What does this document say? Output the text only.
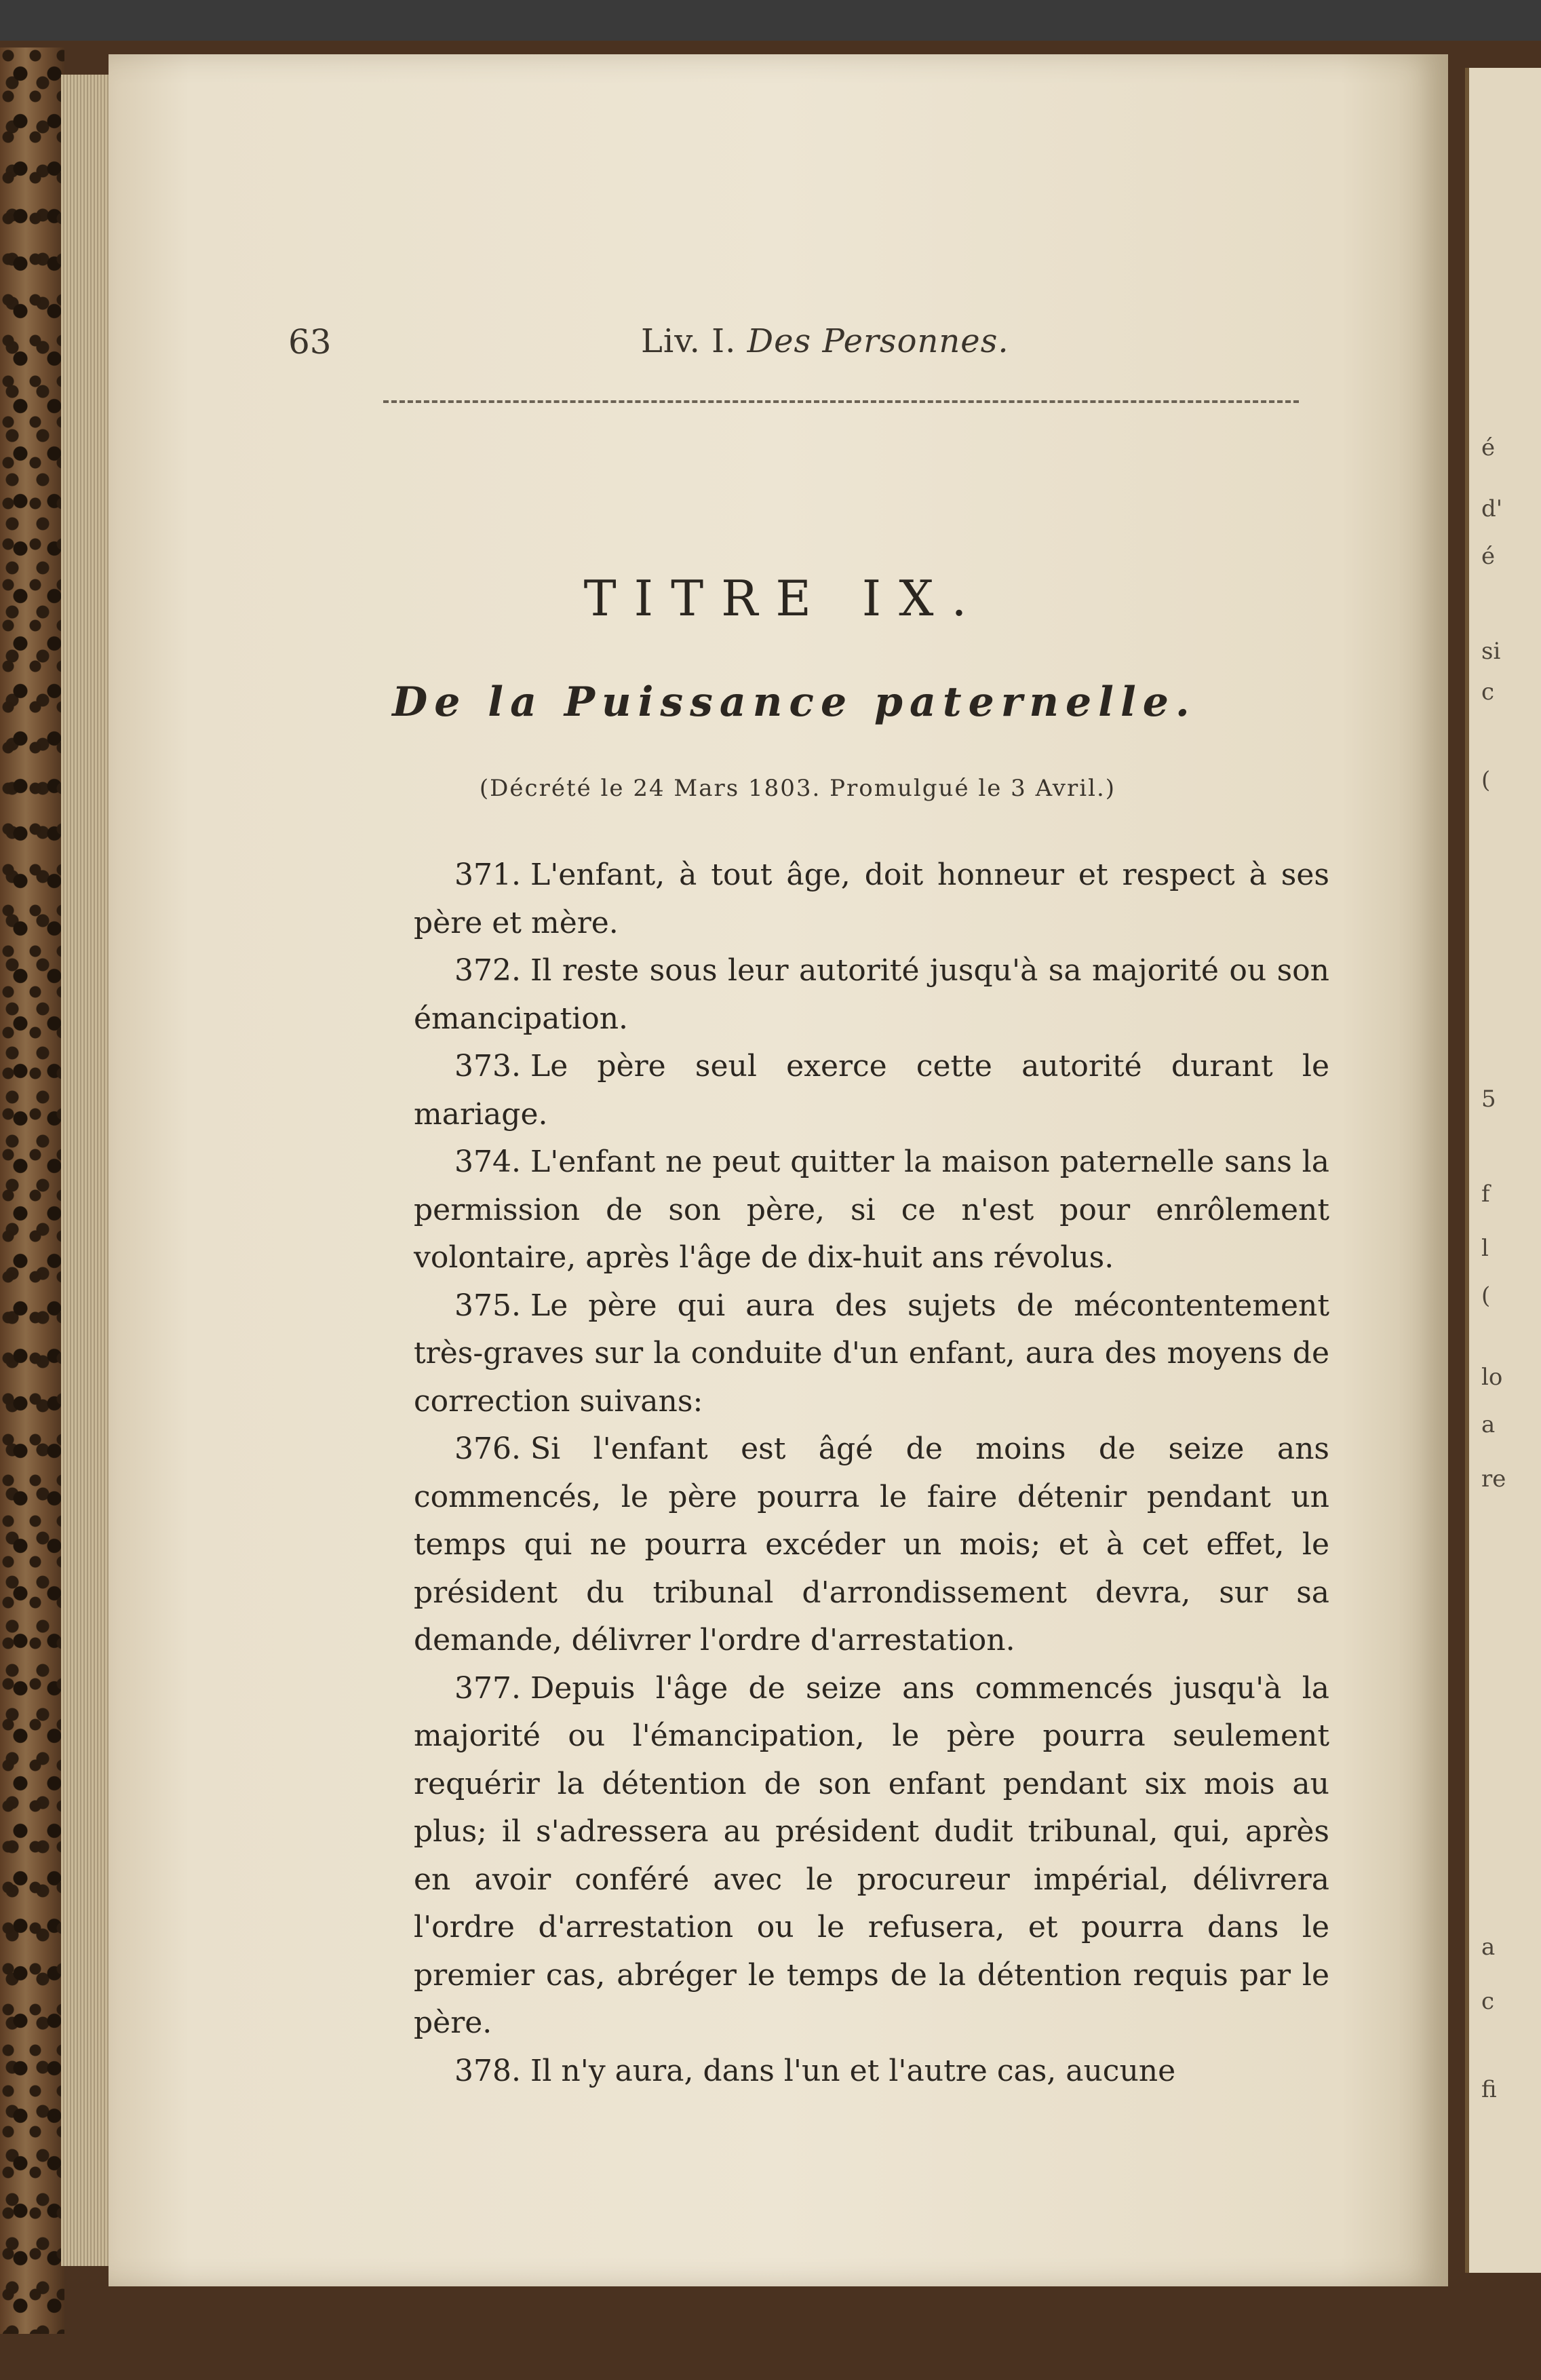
é
d'
é
si
c
(
5
f
l
(
lo
a
re
a
c
fi
63	Liv. I. Des Personnes.
TITRE IX.
De la Puissance paternelle.
(Décrété le 24 Mars 1803. Promulgué le 3 Avril.)

371. L'enfant, à tout âge, doit honneur et respect à ses père et mère.

372. Il reste sous leur autorité jusqu'à sa majorité ou son émancipation.

373. Le père seul exerce cette autorité durant le mariage.

374. L'enfant ne peut quitter la maison paternelle sans la permission de son père, si ce n'est pour enrôlement volontaire, après l'âge de dix-huit ans révolus.

375. Le père qui aura des sujets de mécontentement très-graves sur la conduite d'un enfant, aura des moyens de correction suivans:

376. Si l'enfant est âgé de moins de seize ans commencés, le père pourra le faire détenir pendant un temps qui ne pourra excéder un mois; et à cet effet, le président du tribunal d'arrondissement devra, sur sa demande, délivrer l'ordre d'arrestation.

377. Depuis l'âge de seize ans commencés jusqu'à la majorité ou l'émancipation, le père pourra seulement requérir la détention de son enfant pendant six mois au plus; il s'adressera au président dudit tribunal, qui, après en avoir conféré avec le procureur impérial, délivrera l'ordre d'arrestation ou le refusera, et pourra dans le premier cas, abréger le temps de la détention requis par le père.

378. Il n'y aura, dans l'un et l'autre cas, aucune
